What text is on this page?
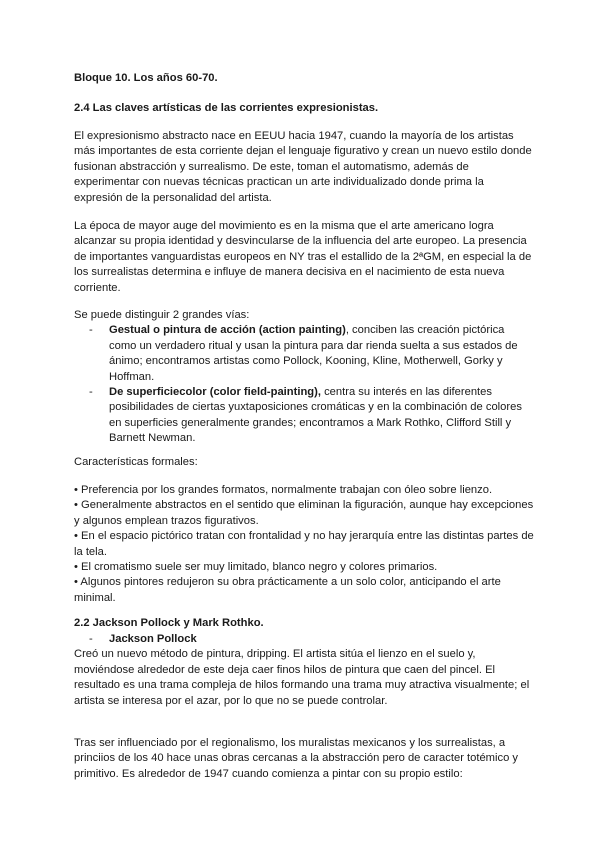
Bloque 10. Los años 60-70.

2.4 Las claves artísticas de las corrientes expresionistas.

El expresionismo abstracto nace en EEUU hacia 1947, cuando la mayoría de los artistas más importantes de esta corriente dejan el lenguaje figurativo y crean un nuevo estilo donde fusionan abstracción y surrealismo. De este, toman el automatismo, además de experimentar con nuevas técnicas practican un arte individualizado donde prima la expresión de la personalidad del artista.

La época de mayor auge del movimiento es en la misma que el arte americano logra alcanzar su propia identidad y desvincularse de la influencia del arte europeo. La presencia de importantes vanguardistas europeos en NY tras el estallido de la 2ªGM, en especial la de los surrealistas determina e influye de manera decisiva en el nacimiento de esta nueva corriente.

Se puede distinguir 2 grandes vías:

- Gestual o pintura de acción (action painting), conciben las creación pictórica como un verdadero ritual y usan la pintura para dar rienda suelta a sus estados de ánimo; encontramos artistas como Pollock, Kooning, Kline, Motherwell, Gorky y Hoffman.
- De superficiecolor (color field-painting), centra su interés en las diferentes posibilidades de ciertas yuxtaposiciones cromáticas y en la combinación de colores en superficies generalmente grandes; encontramos a Mark Rothko, Clifford Still y Barnett Newman.

Características formales:

• Preferencia por los grandes formatos, normalmente trabajan con óleo sobre lienzo.

• Generalmente abstractos en el sentido que eliminan la figuración, aunque hay excepciones y algunos emplean trazos figurativos.

• En el espacio pictórico tratan con frontalidad y no hay jerarquía entre las distintas partes de la tela.

• El cromatismo suele ser muy limitado, blanco negro y colores primarios.

• Algunos pintores redujeron su obra prácticamente a un solo color, anticipando el arte minimal.

2.2 Jackson Pollock y Mark Rothko.

- Jackson Pollock

Creó un nuevo método de pintura, dripping. El artista sitúa el lienzo en el suelo y, moviéndose alrededor de este deja caer finos hilos de pintura que caen del pincel. El resultado es una trama compleja de hilos formando una trama muy atractiva visualmente; el artista se interesa por el azar, por lo que no se puede controlar.

Tras ser influenciado por el regionalismo, los muralistas mexicanos y los surrealistas, a princiios de los 40 hace unas obras cercanas a la abstracción pero de caracter totémico y primitivo. Es alrededor de 1947 cuando comienza a pintar con su propio estilo:
